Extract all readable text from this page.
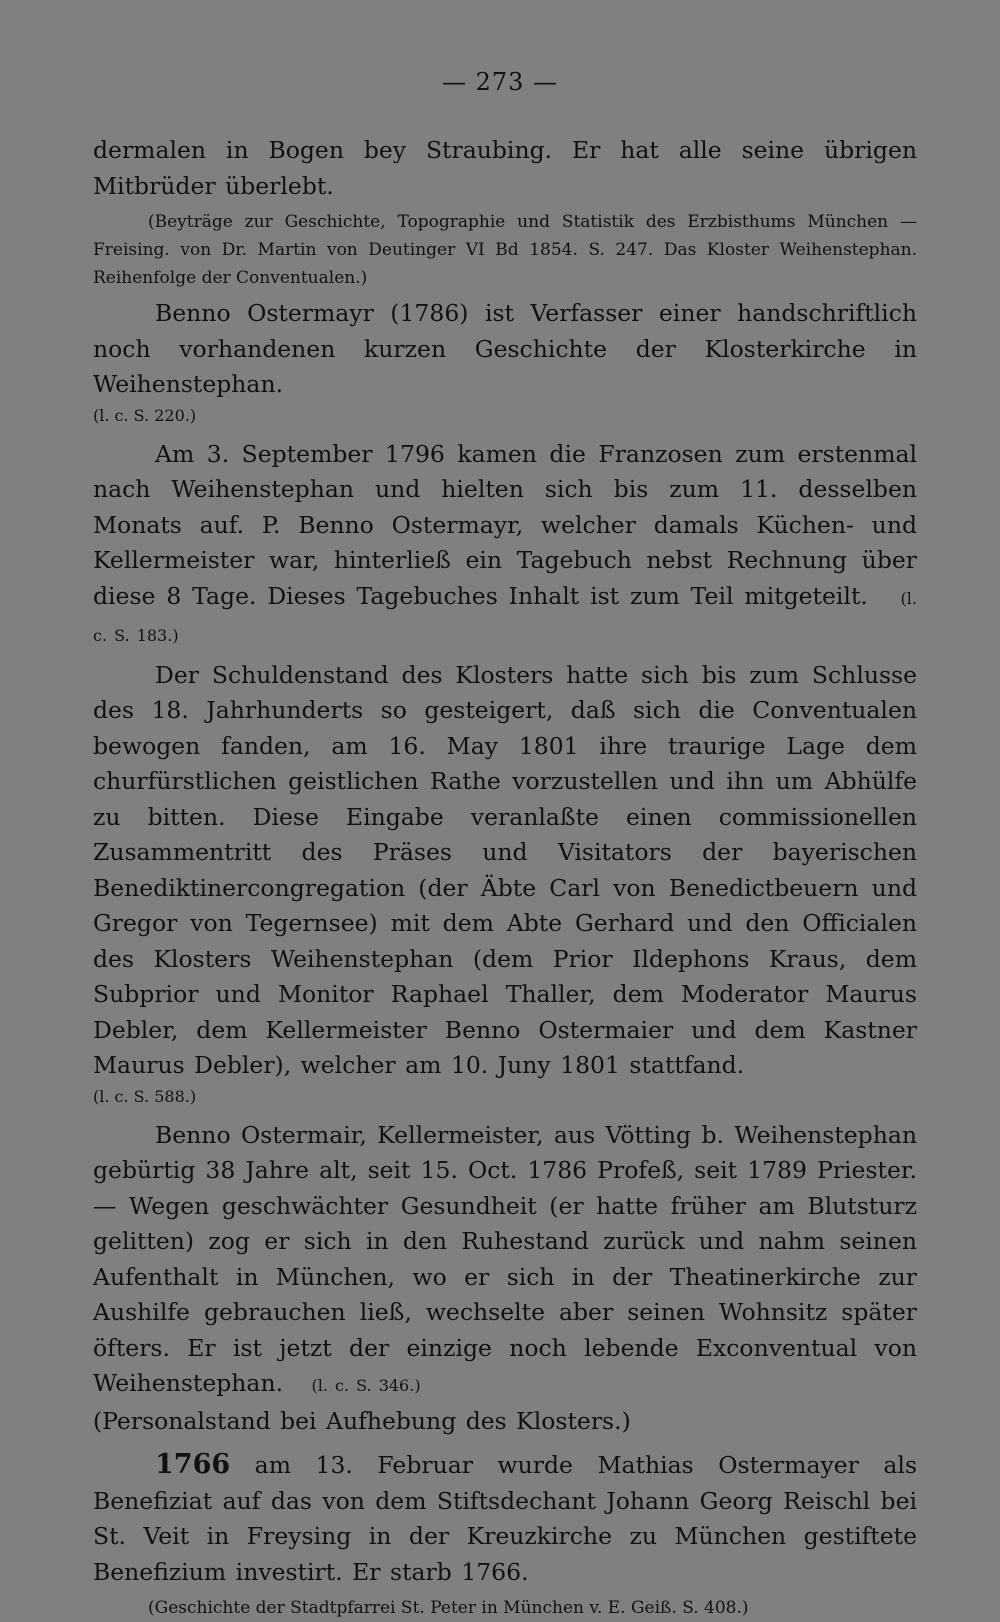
— 273 —

dermalen in Bogen bey Straubing. Er hat alle seine übrigen Mitbrüder überlebt.

(Beyträge zur Geschichte, Topographie und Statistik des Erzbisthums München —Freising. von Dr. Martin von Deutinger VI Bd 1854. S. 247. Das Kloster Weihenstephan. Reihenfolge der Conventualen.)

Benno Ostermayr (1786) ist Verfasser einer handschriftlich noch vorhandenen kurzen Geschichte der Klosterkirche in Weihenstephan.

(l. c. S. 220.)

Am 3. September 1796 kamen die Franzosen zum erstenmal nach Weihenstephan und hielten sich bis zum 11. desselben Monats auf. P. Benno Ostermayr, welcher damals Küchen- und Kellermeister war, hinterließ ein Tagebuch nebst Rechnung über diese 8 Tage. Dieses Tagebuches Inhalt ist zum Teil mitgeteilt. (l. c. S. 183.)

Der Schuldenstand des Klosters hatte sich bis zum Schlusse des 18. Jahrhunderts so gesteigert, daß sich die Conventualen bewogen fanden, am 16. May 1801 ihre traurige Lage dem churfürstlichen geistlichen Rathe vorzustellen und ihn um Abhülfe zu bitten. Diese Eingabe veranlaßte einen commissionellen Zusammentritt des Präses und Visitators der bayerischen Benediktinercongregation (der Äbte Carl von Benedictbeuern und Gregor von Tegernsee) mit dem Abte Gerhard und den Officialen des Klosters Weihenstephan (dem Prior Ildephons Kraus, dem Subprior und Monitor Raphael Thaller, dem Moderator Maurus Debler, dem Kellermeister Benno Ostermaier und dem Kastner Maurus Debler), welcher am 10. Juny 1801 stattfand.

(l. c. S. 588.)

Benno Ostermair, Kellermeister, aus Vötting b. Weihenstephan gebürtig 38 Jahre alt, seit 15. Oct. 1786 Profeß, seit 1789 Priester. — Wegen geschwächter Gesundheit (er hatte früher am Blutsturz gelitten) zog er sich in den Ruhestand zurück und nahm seinen Aufenthalt in München, wo er sich in der Theatinerkirche zur Aushilfe gebrauchen ließ, wechselte aber seinen Wohnsitz später öfters. Er ist jetzt der einzige noch lebende Exconventual von Weihenstephan. (l. c. S. 346.)

(Personalstand bei Aufhebung des Klosters.)

1766 am 13. Februar wurde Mathias Ostermayer als Benefiziat auf das von dem Stiftsdechant Johann Georg Reischl bei St. Veit in Freysing in der Kreuzkirche zu München gestiftete Benefizium investirt. Er starb 1766.

(Geschichte der Stadtpfarrei St. Peter in München v. E. Geiß. S. 408.)
